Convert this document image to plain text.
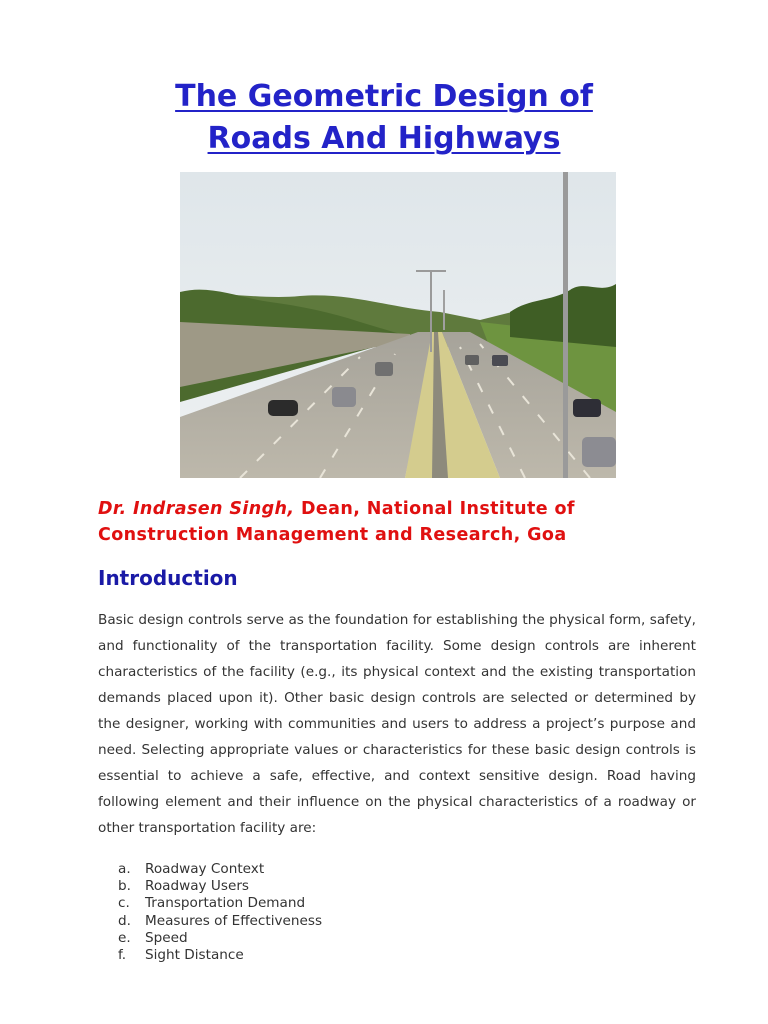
The Geometric Design of
Roads And Highways
Dr. Indrasen Singh, Dean, National Institute of
Construction Management and Research, Goa
Introduction

Basic design controls serve as the foundation for establishing the physical form, safety, and functionality of the transportation facility. Some design controls are inherent characteristics of the facility (e.g., its physical context and the existing transportation demands placed upon it). Other basic design controls are selected or determined by the designer, working with communities and users to address a project’s purpose and need. Selecting appropriate values or characteristics for these basic design controls is essential to achieve a safe, effective, and context sensitive design. Road having following element and their influence on the physical characteristics of a roadway or other transportation facility are:

a.	Roadway Context
b.	Roadway Users
c.	Transportation Demand
d.	Measures of Effectiveness
e.	Speed
f.	Sight Distance
